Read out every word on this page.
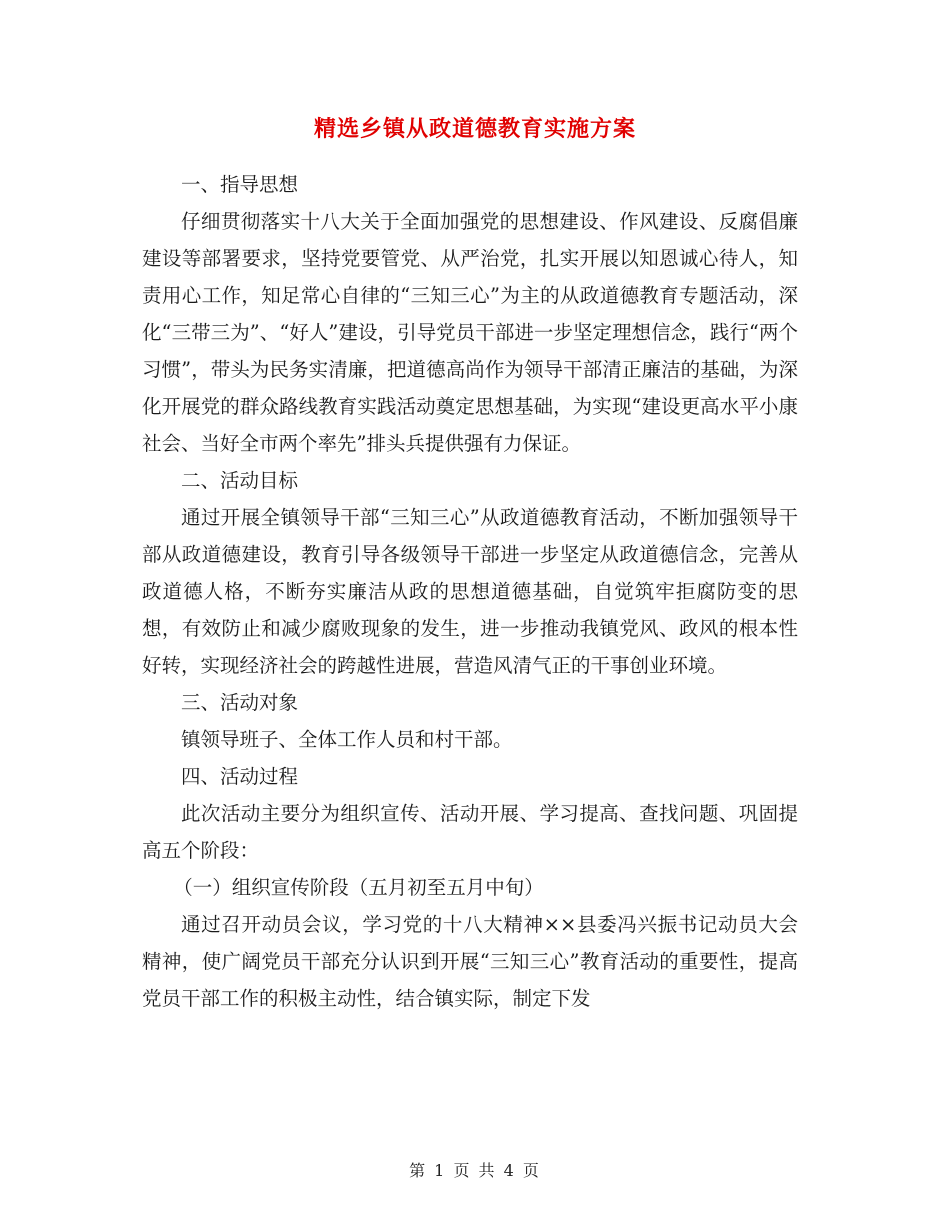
精选乡镇从政道德教育实施方案

一、指导思想

仔细贯彻落实十八大关于全面加强党的思想建设、作风建设、反腐倡廉建设等部署要求，坚持党要管党、从严治党，扎实开展以知恩诚心待人，知责用心工作，知足常心自律的“三知三心”为主的从政道德教育专题活动，深化“三带三为”、“好人”建设，引导党员干部进一步坚定理想信念，践行“两个习惯”，带头为民务实清廉，把道德高尚作为领导干部清正廉洁的基础，为深化开展党的群众路线教育实践活动奠定思想基础，为实现“建设更高水平小康社会、当好全市两个率先”排头兵提供强有力保证。

二、活动目标

通过开展全镇领导干部“三知三心”从政道德教育活动，不断加强领导干部从政道德建设，教育引导各级领导干部进一步坚定从政道德信念，完善从政道德人格，不断夯实廉洁从政的思想道德基础，自觉筑牢拒腐防变的思想，有效防止和减少腐败现象的发生，进一步推动我镇党风、政风的根本性好转，实现经济社会的跨越性进展，营造风清气正的干事创业环境。

三、活动对象

镇领导班子、全体工作人员和村干部。

四、活动过程

此次活动主要分为组织宣传、活动开展、学习提高、查找问题、巩固提高五个阶段：

（一）组织宣传阶段（五月初至五月中旬）

通过召开动员会议，学习党的十八大精神××县委冯兴振书记动员大会精神，使广阔党员干部充分认识到开展“三知三心”教育活动的重要性，提高党员干部工作的积极主动性，结合镇实际，制定下发

第 1 页 共 4 页
